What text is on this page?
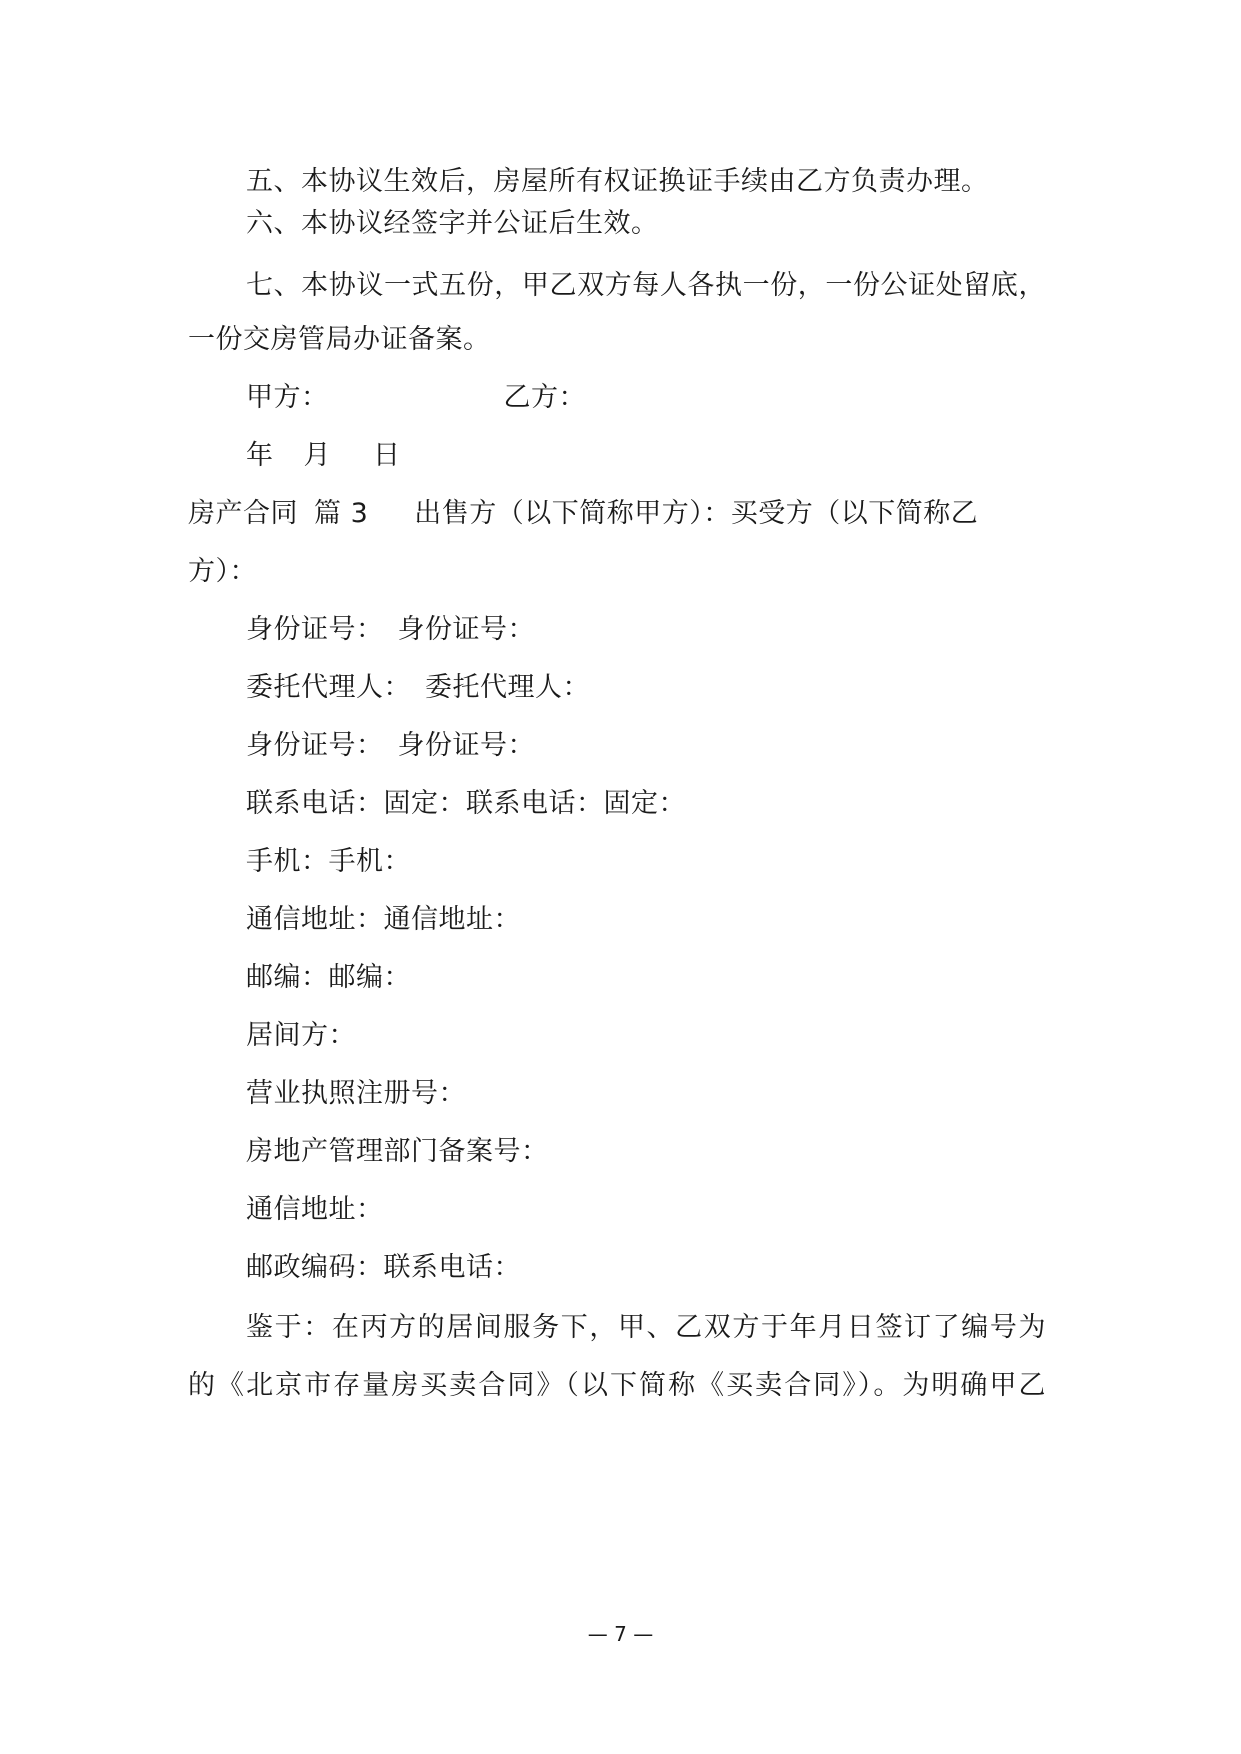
五、本协议生效后，房屋所有权证换证手续由乙方负责办理。
六、本协议经签字并公证后生效。
七、本协议一式五份，甲乙双方每人各执一份，一份公证处留底，
一份交房管局办证备案。
甲方：	乙方：
年 月 日
房产合同 篇 3 出售方（以下简称甲方）：买受方（以下简称乙
方）：
身份证号：　身份证号：
委托代理人：　委托代理人：
身份证号：　身份证号：
联系电话：固定：联系电话：固定：
手机：手机：
通信地址：通信地址：
邮编：邮编：
居间方：
营业执照注册号：
房地产管理部门备案号：
通信地址：
邮政编码：联系电话：
鉴于：在丙方的居间服务下，甲、乙双方于年月日签订了编号为
的《北京市存量房买卖合同》（以下简称《买卖合同》）。为明确甲乙
— 7 —
